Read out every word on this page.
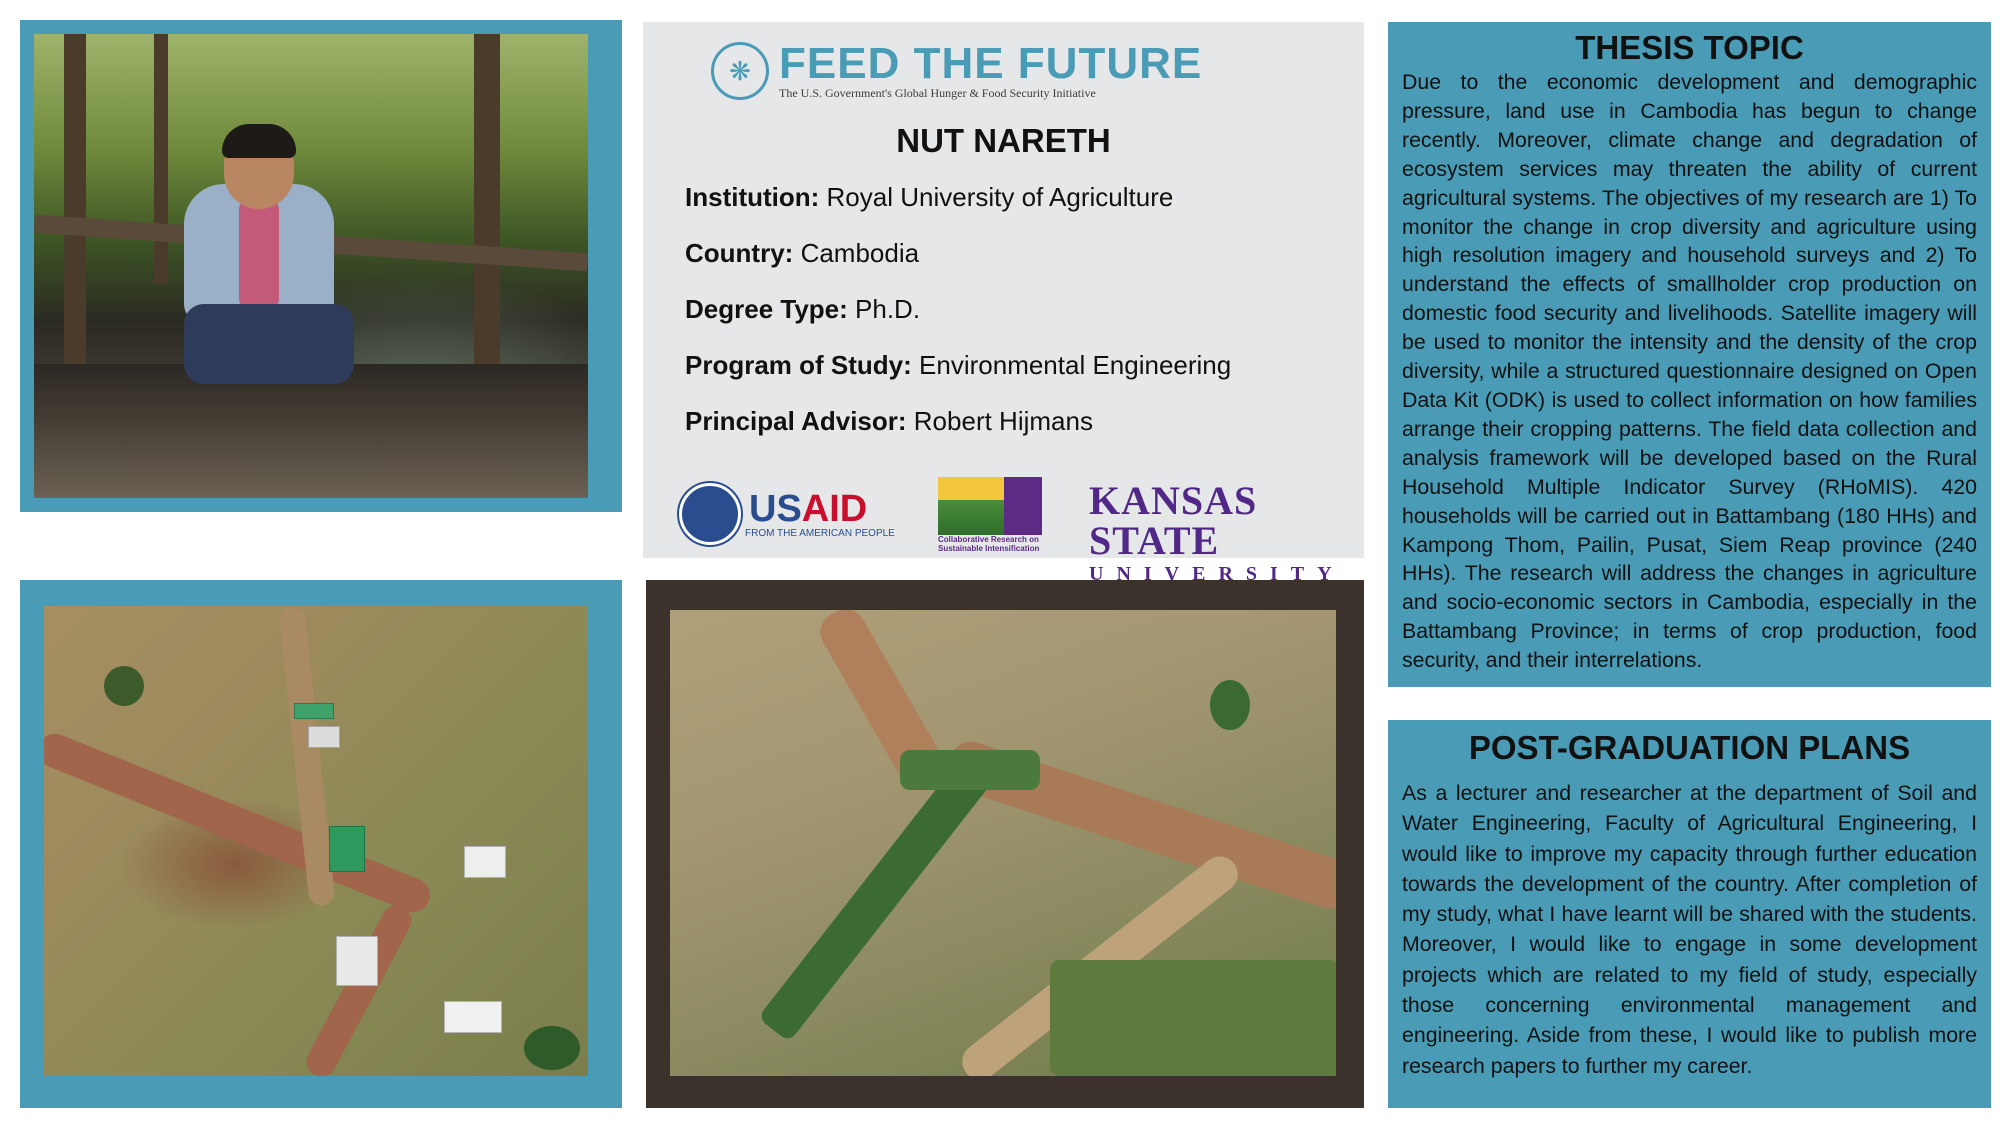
❋ FEED THE FUTURE
The U.S. Government's Global Hunger & Food Security Initiative
NUT NARETH
Institution: Royal University of Agriculture
Country: Cambodia
Degree Type: Ph.D.
Program of Study: Environmental Engineering
Principal Advisor: Robert Hijmans
USAID
FROM THE AMERICAN PEOPLE
Collaborative Research on Sustainable Intensification
KANSAS STATE
UNIVERSITY
THESIS TOPIC

Due to the economic development and demographic pressure, land use in Cambodia has begun to change recently. Moreover, climate change and degradation of ecosystem services may threaten the ability of current agricultural systems. The objectives of my research are 1) To monitor the change in crop diversity and agriculture using high resolution imagery and household surveys and 2) To understand the effects of smallholder crop production on domestic food security and livelihoods. Satellite imagery will be used to monitor the intensity and the density of the crop diversity, while a structured questionnaire designed on Open Data Kit (ODK) is used to collect information on how families arrange their cropping patterns. The field data collection and analysis framework will be developed based on the Rural Household Multiple Indicator Survey (RHoMIS). 420 households will be carried out in Battambang (180 HHs) and Kampong Thom, Pailin, Pusat, Siem Reap province (240 HHs). The research will address the changes in agriculture and socio-economic sectors in Cambodia, especially in the Battambang Province; in terms of crop production, food security, and their interrelations.

POST-GRADUATION PLANS

As a lecturer and researcher at the department of Soil and Water Engineering, Faculty of Agricultural Engineering, I would like to improve my capacity through further education towards the development of the country. After completion of my study, what I have learnt will be shared with the students. Moreover, I would like to engage in some development projects which are related to my field of study, especially those concerning environmental management and engineering. Aside from these, I would like to publish more research papers to further my career.
